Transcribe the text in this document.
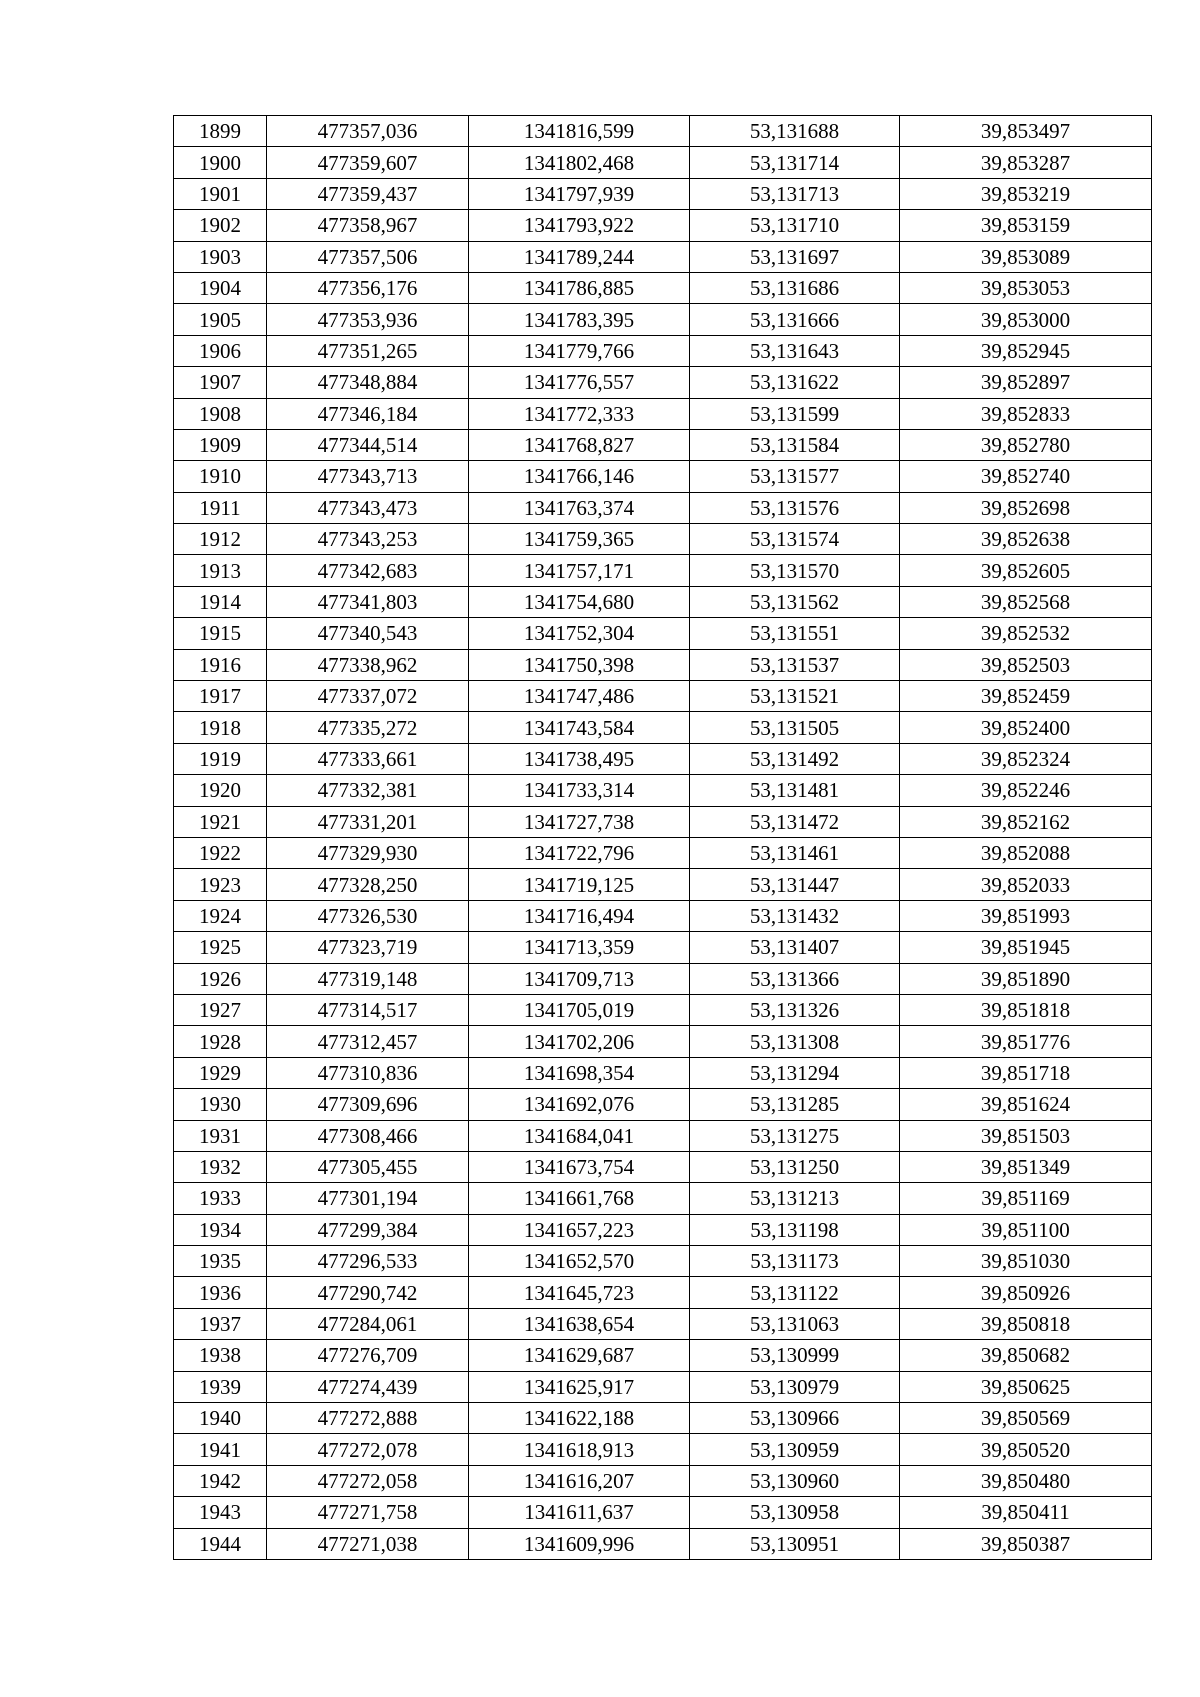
1899	477357,036	1341816,599	53,131688	39,853497
1900	477359,607	1341802,468	53,131714	39,853287
1901	477359,437	1341797,939	53,131713	39,853219
1902	477358,967	1341793,922	53,131710	39,853159
1903	477357,506	1341789,244	53,131697	39,853089
1904	477356,176	1341786,885	53,131686	39,853053
1905	477353,936	1341783,395	53,131666	39,853000
1906	477351,265	1341779,766	53,131643	39,852945
1907	477348,884	1341776,557	53,131622	39,852897
1908	477346,184	1341772,333	53,131599	39,852833
1909	477344,514	1341768,827	53,131584	39,852780
1910	477343,713	1341766,146	53,131577	39,852740
1911	477343,473	1341763,374	53,131576	39,852698
1912	477343,253	1341759,365	53,131574	39,852638
1913	477342,683	1341757,171	53,131570	39,852605
1914	477341,803	1341754,680	53,131562	39,852568
1915	477340,543	1341752,304	53,131551	39,852532
1916	477338,962	1341750,398	53,131537	39,852503
1917	477337,072	1341747,486	53,131521	39,852459
1918	477335,272	1341743,584	53,131505	39,852400
1919	477333,661	1341738,495	53,131492	39,852324
1920	477332,381	1341733,314	53,131481	39,852246
1921	477331,201	1341727,738	53,131472	39,852162
1922	477329,930	1341722,796	53,131461	39,852088
1923	477328,250	1341719,125	53,131447	39,852033
1924	477326,530	1341716,494	53,131432	39,851993
1925	477323,719	1341713,359	53,131407	39,851945
1926	477319,148	1341709,713	53,131366	39,851890
1927	477314,517	1341705,019	53,131326	39,851818
1928	477312,457	1341702,206	53,131308	39,851776
1929	477310,836	1341698,354	53,131294	39,851718
1930	477309,696	1341692,076	53,131285	39,851624
1931	477308,466	1341684,041	53,131275	39,851503
1932	477305,455	1341673,754	53,131250	39,851349
1933	477301,194	1341661,768	53,131213	39,851169
1934	477299,384	1341657,223	53,131198	39,851100
1935	477296,533	1341652,570	53,131173	39,851030
1936	477290,742	1341645,723	53,131122	39,850926
1937	477284,061	1341638,654	53,131063	39,850818
1938	477276,709	1341629,687	53,130999	39,850682
1939	477274,439	1341625,917	53,130979	39,850625
1940	477272,888	1341622,188	53,130966	39,850569
1941	477272,078	1341618,913	53,130959	39,850520
1942	477272,058	1341616,207	53,130960	39,850480
1943	477271,758	1341611,637	53,130958	39,850411
1944	477271,038	1341609,996	53,130951	39,850387
